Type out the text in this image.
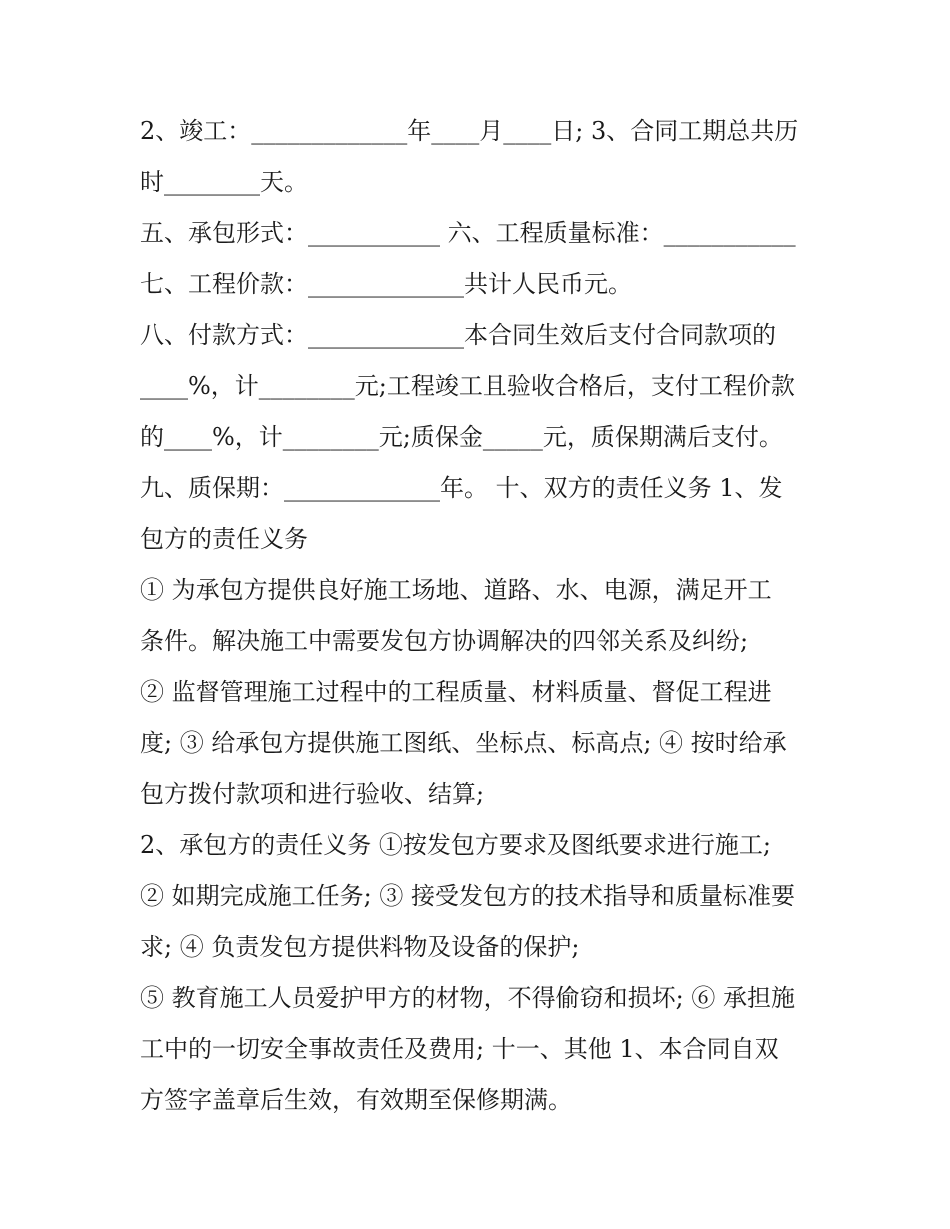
2、竣工：_____________年____月____日; 3、合同工期总共历
时________天。
五、承包形式：___________ 六、工程质量标准：___________
七、工程价款：_____________共计人民币元。
八、付款方式：_____________本合同生效后支付合同款项的
____%，计________元;工程竣工且验收合格后，支付工程价款
的____%，计________元;质保金_____元，质保期满后支付。
九、质保期：_____________年。 十、双方的责任义务 1、发
包方的责任义务
① 为承包方提供良好施工场地、道路、水、电源，满足开工
条件。解决施工中需要发包方协调解决的四邻关系及纠纷;
② 监督管理施工过程中的工程质量、材料质量、督促工程进
度; ③ 给承包方提供施工图纸、坐标点、标高点; ④ 按时给承
包方拨付款项和进行验收、结算;
2、承包方的责任义务 ①按发包方要求及图纸要求进行施工;
② 如期完成施工任务; ③ 接受发包方的技术指导和质量标准要
求; ④ 负责发包方提供料物及设备的保护;
⑤ 教育施工人员爱护甲方的材物，不得偷窃和损坏; ⑥ 承担施
工中的一切安全事故责任及费用; 十一、其他 1、本合同自双
方签字盖章后生效，有效期至保修期满。
